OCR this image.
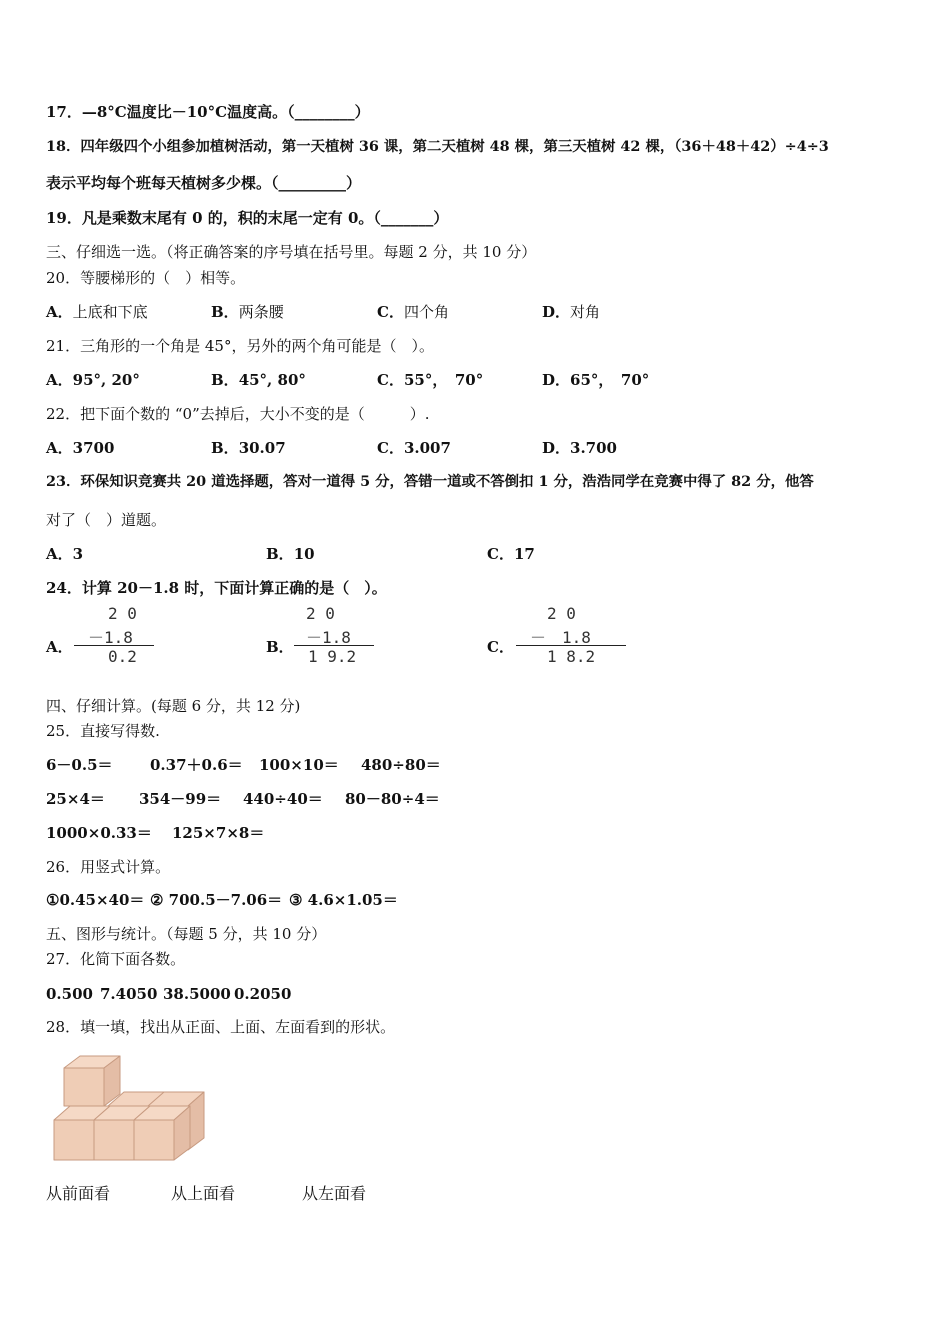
17．—8°C温度比－10°C温度高。（________）
18．四年级四个小组参加植树活动，第一天植树 36 课，第二天植树 48 棵，第三天植树 42 棵，（36＋48＋42）÷4÷3
表示平均每个班每天植树多少棵。（_________）
19．凡是乘数末尾有 0 的，积的末尾一定有 0。（_______）
三、仔细选一选。（将正确答案的序号填在括号里。每题 2 分，共 10 分）
20．等腰梯形的（　）相等。
A．上底和下底	B．两条腰	C．四个角	D．对角
21．三角形的一个角是 45°，另外的两个角可能是（　）。
A．95°, 20°	B．45°, 80°	C．55°，　70°	D．65°，　70°
22．把下面个数的 “0”去掉后，大小不变的是（　　　）.
A．3700	B．30.07	C．3.007	D．3.700
23．环保知识竞赛共 20 道选择题，答对一道得 5 分，答错一道或不答倒扣 1 分，浩浩同学在竞赛中得了 82 分，他答
对了（　）道题。
A．3	B．10	C．17
24．计算 20－1.8 时，下面计算正确的是（　）。
A．
2 0
－1.8
0.2	B．
2 0
－1.8
1 9.2	C．
2 0
－　1.8
1 8.2
四、仔细计算。(每题 6 分，共 12 分)
25．直接写得数.
6－0.5＝ 0.37＋0.6＝ 100×10＝ 480÷80＝
25×4＝ 354－99＝ 440÷40＝ 80－80÷4＝
1000×0.33＝ 125×7×8＝
26．用竖式计算。
①0.45×40＝ ② 700.5－7.06＝ ③ 4.6×1.05＝
五、图形与统计。（每题 5 分，共 10 分）
27．化简下面各数。
0.500 7.4050 38.5000 0.2050
28．填一填，找出从正面、上面、左面看到的形状。
从前面看	从上面看	从左面看
